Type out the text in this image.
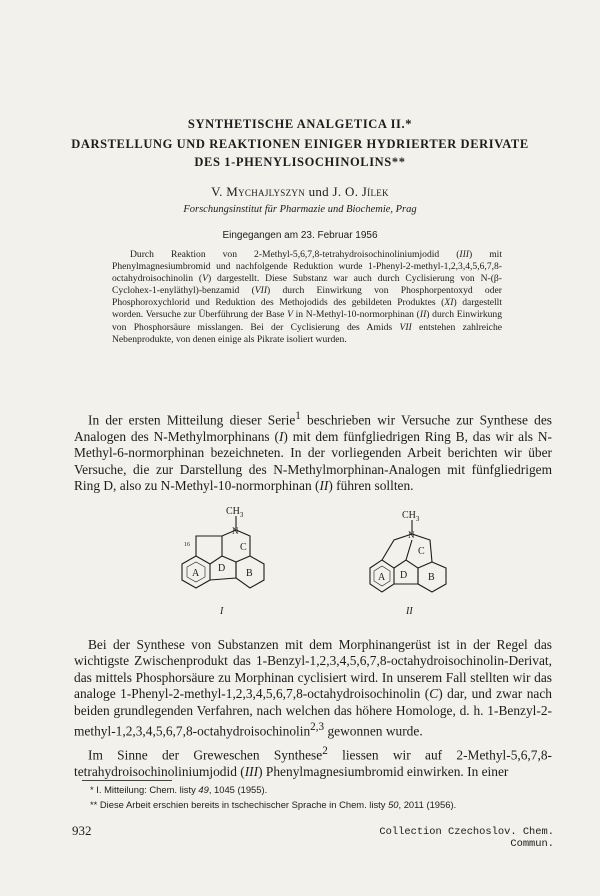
SYNTHETISCHE ANALGETICA II.*
DARSTELLUNG UND REAKTIONEN EINIGER HYDRIERTER DERIVATE
DES 1-PHENYLISOCHINOLINS**
V. Mychajlyszyn und J. O. Jílek
Forschungsinstitut für Pharmazie und Biochemie, Prag
Eingegangen am 23. Februar 1956

Durch Reaktion von 2-Methyl-5,6,7,8-tetrahydroisochinoliniumjodid (III) mit Phenylmagnesiumbromid und nachfolgende Reduktion wurde 1-Phenyl-2-methyl-1,2,3,4,5,6,7,8-octahydroisochinolin (V) dargestellt. Diese Substanz war auch durch Cyclisierung von N-(β-Cyclohex-1-enyläthyl)-benzamid (VII) durch Einwirkung von Phosphorpentoxyd oder Phosphoroxychlorid und Reduktion des Methojodids des gebildeten Produktes (XI) dargestellt worden. Versuche zur Überführung der Base V in N-Methyl-10-normorphinan (II) durch Einwirkung von Phosphorsäure misslangen. Bei der Cyclisierung des Amids VII entstehen zahlreiche Nebenprodukte, von denen einige als Pikrate isoliert wurden.

In der ersten Mitteilung dieser Serie$^1$ beschrieben wir Versuche zur Synthese des Analogen des N-Methylmorphinans (I) mit dem fünfgliedrigen Ring B, das wir als N-Methyl-6-normorphinan bezeichneten. In der vorliegenden Arbeit berichten wir über Versuche, die zur Darstellung des N-Methylmorphinan-Analogen mit fünfgliedrigem Ring D, also zu N-Methyl-10-normorphinan (II) führen sollten.

$CH_3$
N
16
A D B
C
I
$CH_3$
N
A D B
C
II

Bei der Synthese von Substanzen mit dem Morphinangerüst ist in der Regel das wichtigste Zwischenprodukt das 1-Benzyl-1,2,3,4,5,6,7,8-octahydroisochinolin-Derivat, das mittels Phosphorsäure zu Morphinan cyclisiert wird. In unserem Fall stellten wir das analoge 1-Phenyl-2-methyl-1,2,3,4,5,6,7,8-octahydroisochinolin (C) dar, und zwar nach beiden grundlegenden Verfahren, nach welchen das höhere Homologe, d. h. 1-Benzyl-2-methyl-1,2,3,4,5,6,7,8-octahydroisochinolin$^{2,3}$ gewonnen wurde.

Im Sinne der Greweschen Synthese$^2$ liessen wir auf 2-Methyl-5,6,7,8-tetrahydroisochinoliniumjodid (III) Phenylmagnesiumbromid einwirken. In einer

* I. Mitteilung: Chem. listy 49, 1045 (1955).
** Diese Arbeit erschien bereits in tschechischer Sprache in Chem. listy 50, 2011 (1956).
932	Collection Czechoslov. Chem. Commun.
